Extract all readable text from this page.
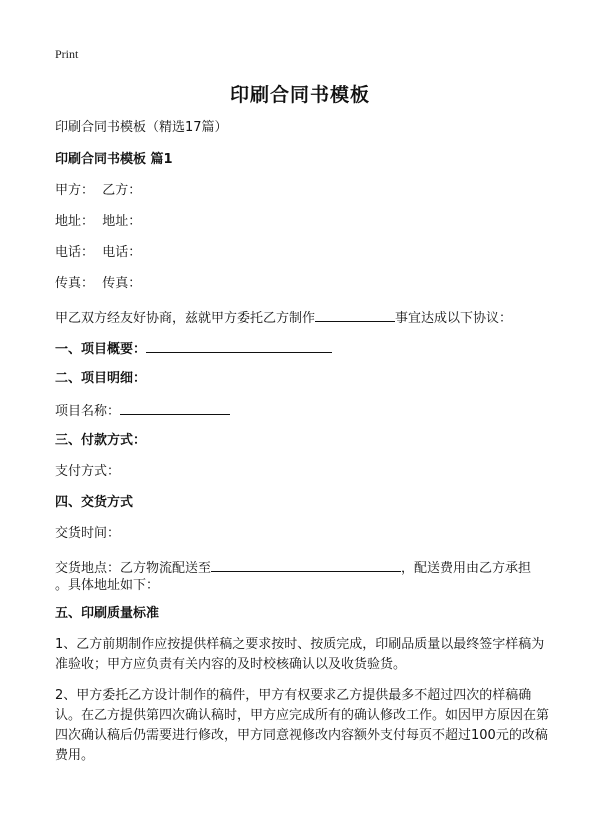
Print
印刷合同书模板
印刷合同书模板（精选17篇）
印刷合同书模板 篇1
甲方： 乙方：
地址： 地址：
电话： 电话：
传真： 传真：
甲乙双方经友好协商，兹就甲方委托乙方制作	事宜达成以下协议：
一、项目概要：
二、项目明细：
项目名称：
三、付款方式：
支付方式：
四、交货方式
交货时间：
交货地点：乙方物流配送至	，配送费用由乙方承担
。具体地址如下：
五、印刷质量标准
1、乙方前期制作应按提供样稿之要求按时、按质完成，印刷品质量以最终签字样稿为准验收；甲方应负责有关内容的及时校核确认以及收货验货。
2、甲方委托乙方设计制作的稿件，甲方有权要求乙方提供最多不超过四次的样稿确认。在乙方提供第四次确认稿时，甲方应完成所有的确认修改工作。如因甲方原因在第四次确认稿后仍需要进行修改，甲方同意视修改内容额外支付每页不超过100元的改稿费用。
